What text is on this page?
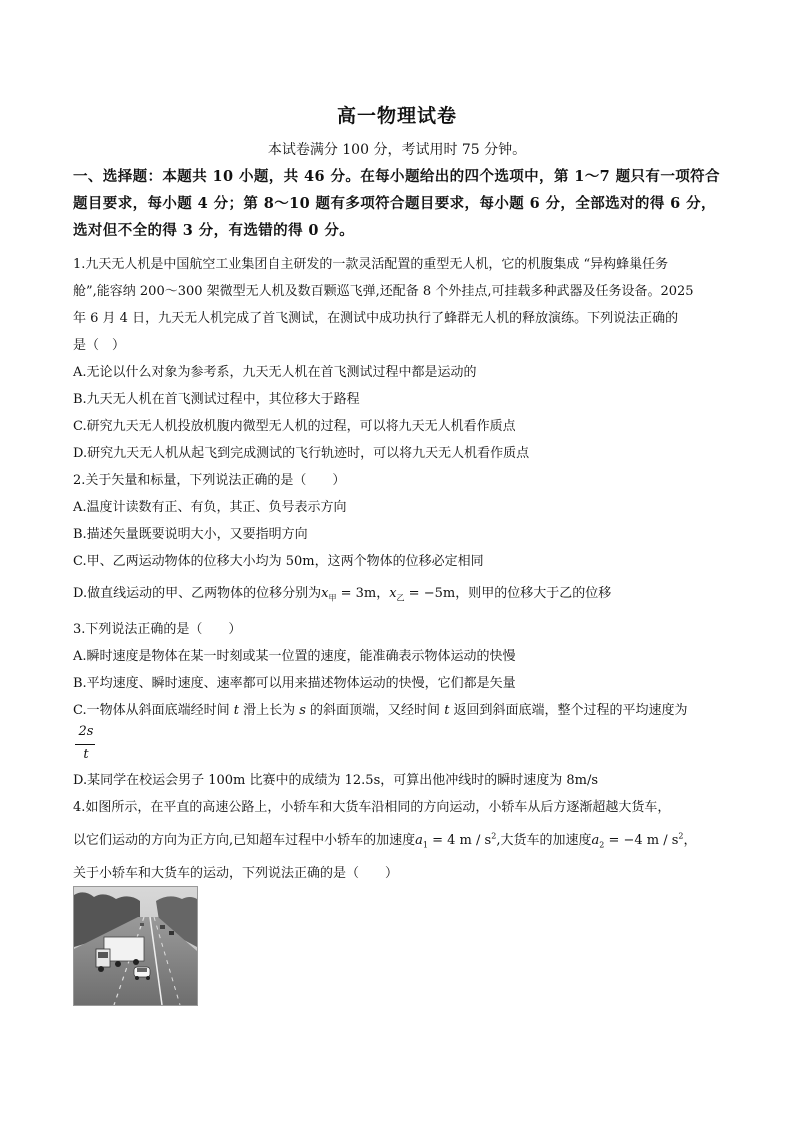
高一物理试卷
本试卷满分 100 分，考试用时 75 分钟。
一、选择题：本题共 10 小题，共 46 分。在每小题给出的四个选项中，第 1～7 题只有一项符合题目要求，每小题 4 分；第 8～10 题有多项符合题目要求，每小题 6 分，全部选对的得 6 分，选对但不全的得 3 分，有选错的得 0 分。
1.九天无人机是中国航空工业集团自主研发的一款灵活配置的重型无人机，它的机腹集成 “异构蜂巢任务
舱”,能容纳 200～300 架微型无人机及数百颗巡飞弹,还配备 8 个外挂点,可挂载多种武器及任务设备。2025
年 6 月 4 日，九天无人机完成了首飞测试，在测试中成功执行了蜂群无人机的释放演练。下列说法正确的
是（　）
A.无论以什么对象为参考系，九天无人机在首飞测试过程中都是运动的
B.九天无人机在首飞测试过程中，其位移大于路程
C.研究九天无人机投放机腹内微型无人机的过程，可以将九天无人机看作质点
D.研究九天无人机从起飞到完成测试的飞行轨迹时，可以将九天无人机看作质点
2.关于矢量和标量，下列说法正确的是（　　）
A.温度计读数有正、有负，其正、负号表示方向
B.描述矢量既要说明大小，又要指明方向
C.甲、乙两运动物体的位移大小均为 50m，这两个物体的位移必定相同
D.做直线运动的甲、乙两物体的位移分别为$x_甲 = 3m$，$x_乙 = -5m$，则甲的位移大于乙的位移
3.下列说法正确的是（　　）
A.瞬时速度是物体在某一时刻或某一位置的速度，能准确表示物体运动的快慢
B.平均速度、瞬时速度、速率都可以用来描述物体运动的快慢，它们都是矢量
C.一物体从斜面底端经时间 t 滑上长为 s 的斜面顶端，又经时间 t 返回到斜面底端，整个过程的平均速度为
2s
t
D.某同学在校运会男子 100m 比赛中的成绩为 12.5s，可算出他冲线时的瞬时速度为 8m/s
4.如图所示，在平直的高速公路上，小轿车和大货车沿相同的方向运动，小轿车从后方逐渐超越大货车，
以它们运动的方向为正方向,已知超车过程中小轿车的加速度$a_1 = 4$ m / $s^2$,大货车的加速度$a_2 = -4$ m / $s^2$，
关于小轿车和大货车的运动，下列说法正确的是（　　）
